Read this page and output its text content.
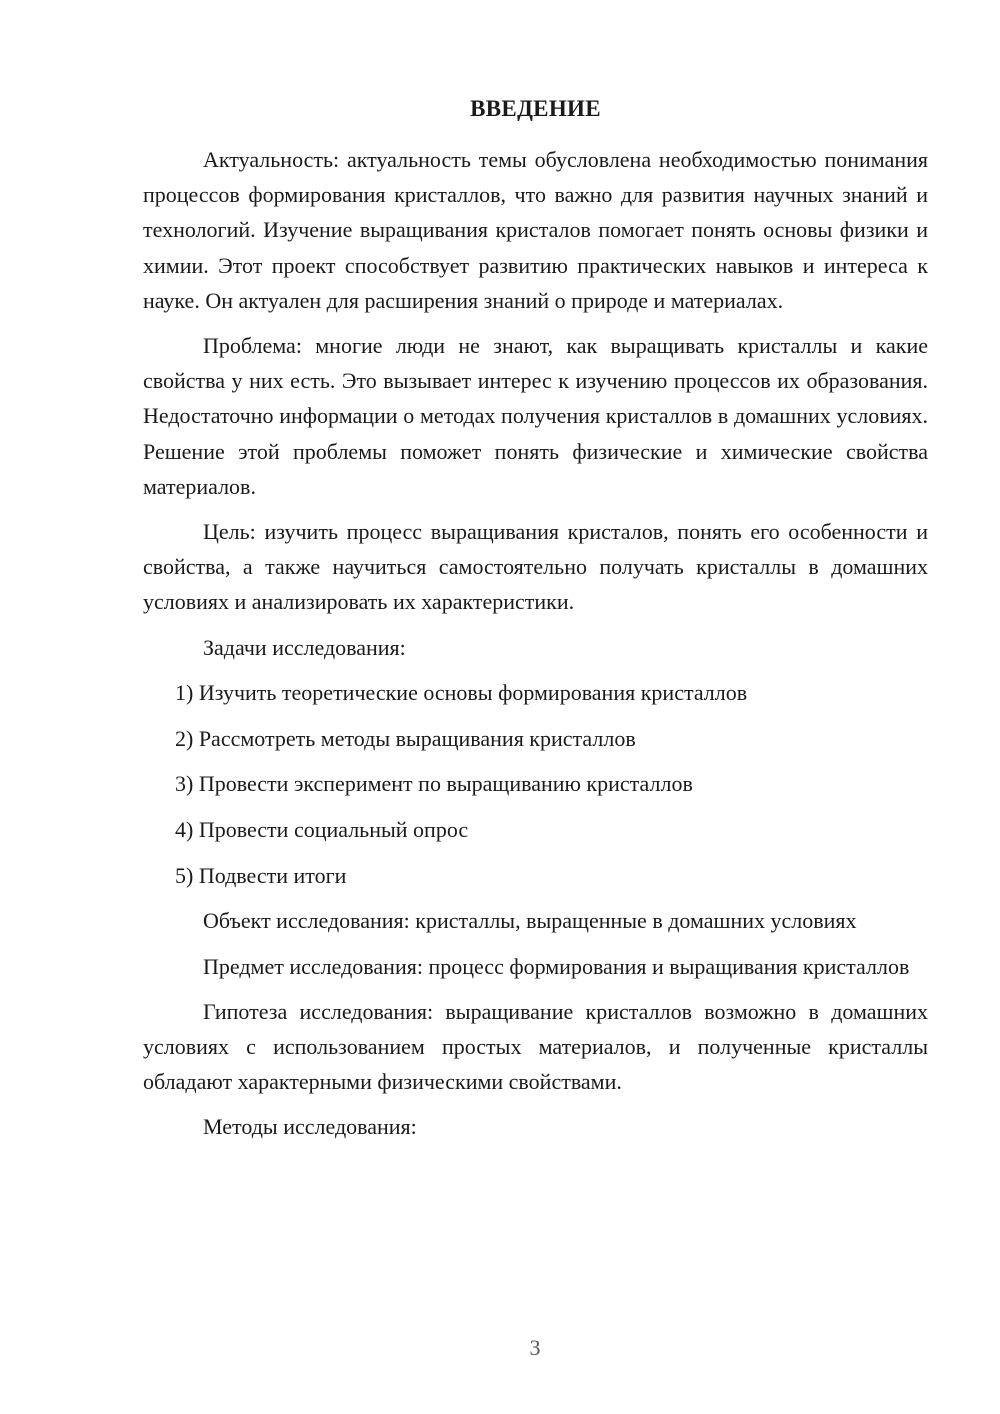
ВВЕДЕНИЕ

Актуальность: актуальность темы обусловлена необходимостью понимания процессов формирования кристаллов, что важно для развития научных знаний и технологий. Изучение выращивания кристалов помогает понять основы физики и химии. Этот проект способствует развитию практических навыков и интереса к науке. Он актуален для расширения знаний о природе и материалах.

Проблема: многие люди не знают, как выращивать кристаллы и какие свойства у них есть. Это вызывает интерес к изучению процессов их образования. Недостаточно информации о методах получения кристаллов в домашних условиях. Решение этой проблемы поможет понять физические и химические свойства материалов.

Цель: изучить процесс выращивания кристалов, понять его особенности и свойства, а также научиться самостоятельно получать кристаллы в домашних условиях и анализировать их характеристики.

Задачи исследования:

1) Изучить теоретические основы формирования кристаллов
2) Рассмотреть методы выращивания кристаллов
3) Провести эксперимент по выращиванию кристаллов
4) Провести социальный опрос
5) Подвести итоги

Объект исследования: кристаллы, выращенные в домашних условиях

Предмет исследования: процесс формирования и выращивания кристаллов

Гипотеза исследования: выращивание кристаллов возможно в домашних условиях с использованием простых материалов, и полученные кристаллы обладают характерными физическими свойствами.

Методы исследования:

3
